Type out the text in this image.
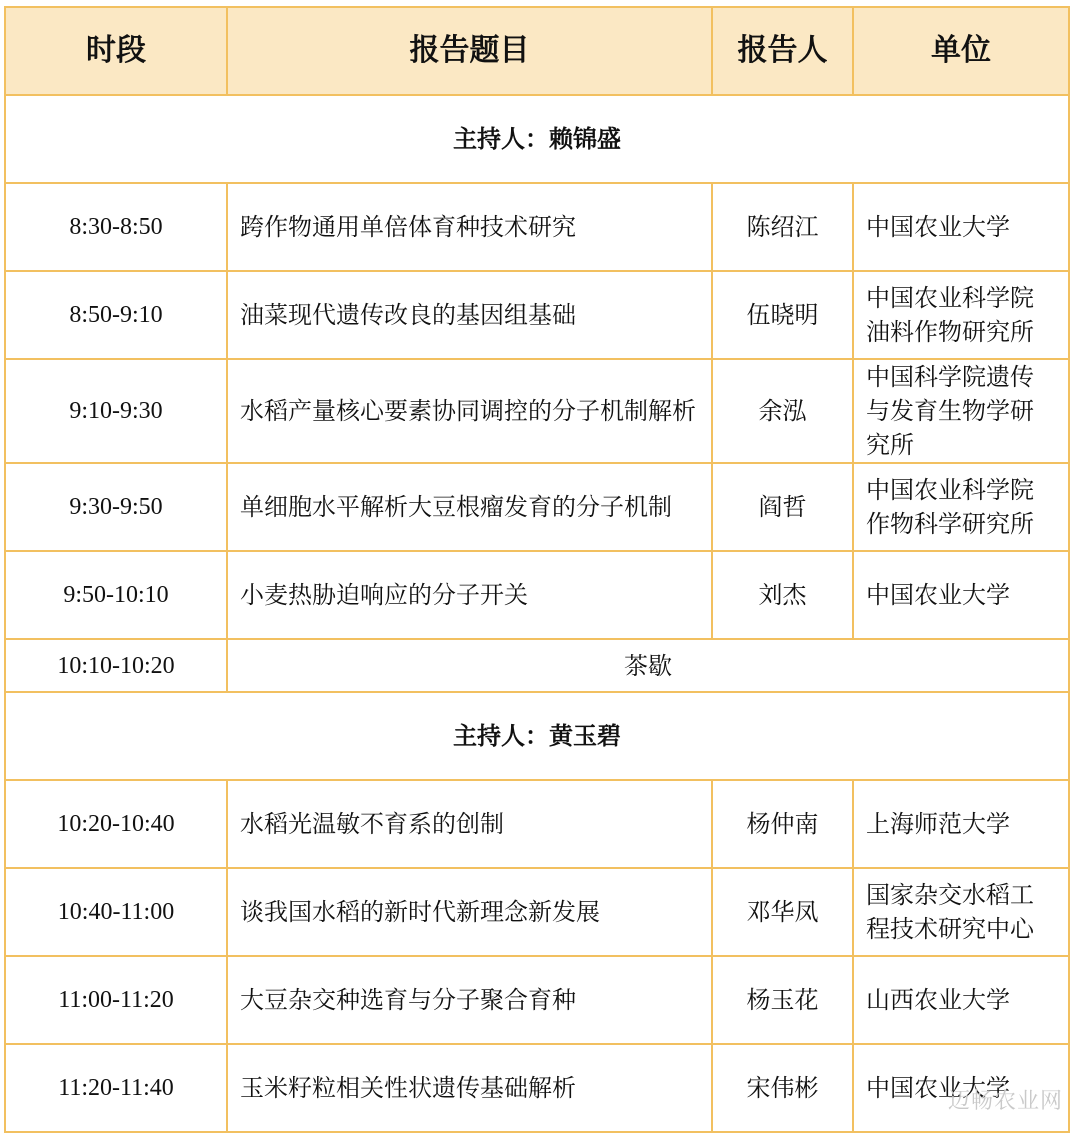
时段	报告题目	报告人	单位
主持人：赖锦盛			
8:30-8:50	跨作物通用单倍体育种技术研究	陈绍江	中国农业大学
8:50-9:10	油菜现代遗传改良的基因组基础	伍晓明	中国农业科学院油料作物研究所
9:10-9:30	水稻产量核心要素协同调控的分子机制解析	余泓	中国科学院遗传与发育生物学研究所
9:30-9:50	单细胞水平解析大豆根瘤发育的分子机制	阎哲	中国农业科学院作物科学研究所
9:50-10:10	小麦热胁迫响应的分子开关	刘杰	中国农业大学
10:10-10:20	茶歇		
主持人：黄玉碧			
10:20-10:40	水稻光温敏不育系的创制	杨仲南	上海师范大学
10:40-11:00	谈我国水稻的新时代新理念新发展	邓华凤	国家杂交水稻工程技术研究中心
11:00-11:20	大豆杂交种选育与分子聚合育种	杨玉花	山西农业大学
11:20-11:40	玉米籽粒相关性状遗传基础解析	宋伟彬	中国农业大学
迈畅农业网
